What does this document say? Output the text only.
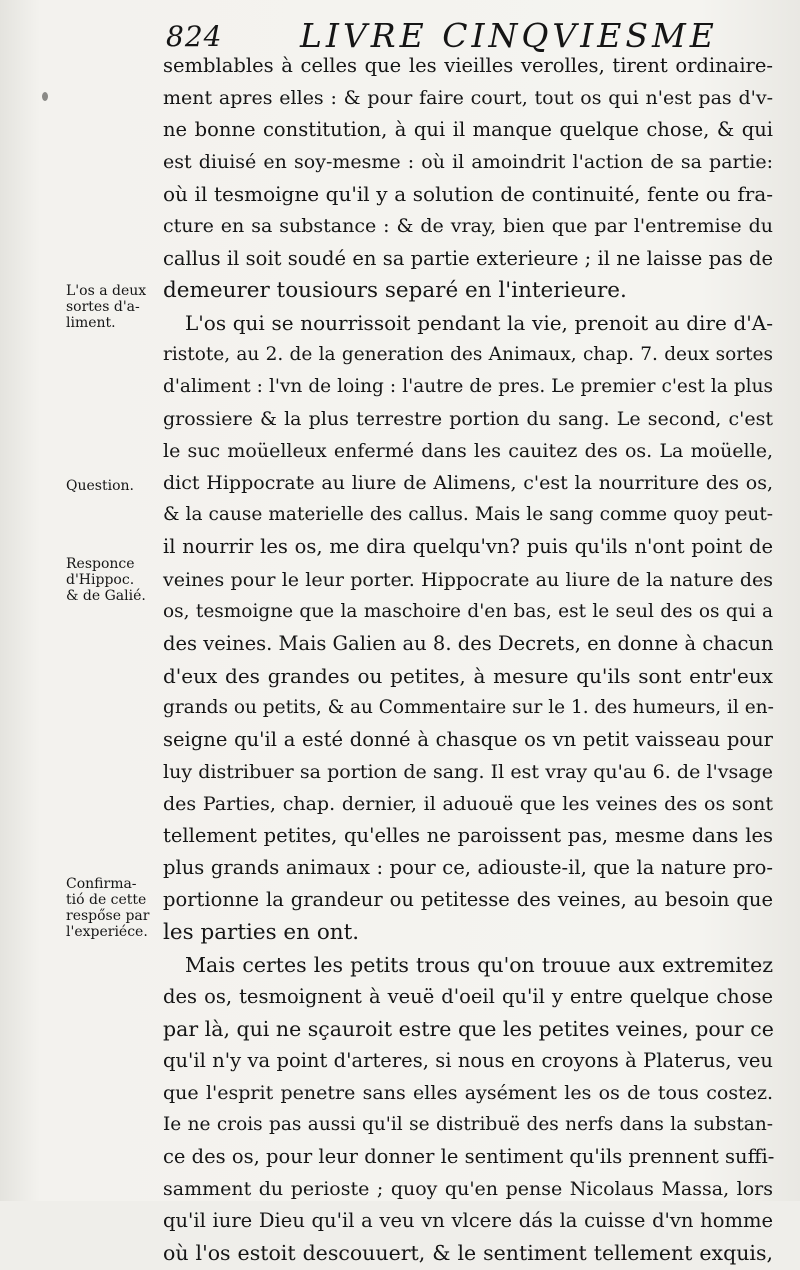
824 LIVRE CINQVIESME
L'os a deux
sortes d'a-
liment.
Question.
Responce
d'Hippoc.
& de Galié.
Confirma-
tió de cette
respőse par
l'experiéce.
semblables à celles que les vieilles verolles, tirent ordinaire-
ment apres elles : & pour faire court, tout os qui n'est pas d'v-
ne bonne constitution, à qui il manque quelque chose, & qui
est diuisé en soy-mesme : où il amoindrit l'action de sa partie:
où il tesmoigne qu'il y a solution de continuité, fente ou fra-
cture en sa substance : & de vray, bien que par l'entremise du
callus il soit soudé en sa partie exterieure ; il ne laisse pas de
demeurer tousiours separé en l'interieure.
L'os qui se nourrissoit pendant la vie, prenoit au dire d'A-
ristote, au 2. de la generation des Animaux, chap. 7. deux sortes
d'aliment : l'vn de loing : l'autre de pres. Le premier c'est la plus
grossiere & la plus terrestre portion du sang. Le second, c'est
le suc moüelleux enfermé dans les cauitez des os. La moüelle,
dict Hippocrate au liure de Alimens, c'est la nourriture des os,
& la cause materielle des callus. Mais le sang comme quoy peut-
il nourrir les os, me dira quelqu'vn? puis qu'ils n'ont point de
veines pour le leur porter. Hippocrate au liure de la nature des
os, tesmoigne que la maschoire d'en bas, est le seul des os qui a
des veines. Mais Galien au 8. des Decrets, en donne à chacun
d'eux des grandes ou petites, à mesure qu'ils sont entr'eux
grands ou petits, & au Commentaire sur le 1. des humeurs, il en-
seigne qu'il a esté donné à chasque os vn petit vaisseau pour
luy distribuer sa portion de sang. Il est vray qu'au 6. de l'vsage
des Parties, chap. dernier, il aduouë que les veines des os sont
tellement petites, qu'elles ne paroissent pas, mesme dans les
plus grands animaux : pour ce, adiouste-il, que la nature pro-
portionne la grandeur ou petitesse des veines, au besoin que
les parties en ont.
Mais certes les petits trous qu'on trouue aux extremitez
des os, tesmoignent à veuë d'oeil qu'il y entre quelque chose
par là, qui ne sçauroit estre que les petites veines, pour ce
qu'il n'y va point d'arteres, si nous en croyons à Platerus, veu
que l'esprit penetre sans elles aysément les os de tous costez.
Ie ne crois pas aussi qu'il se distribuë des nerfs dans la substan-
ce des os, pour leur donner le sentiment qu'ils prennent suffi-
samment du perioste ; quoy qu'en pense Nicolaus Massa, lors
qu'il iure Dieu qu'il a veu vn vlcere dás la cuisse d'vn homme
où l'os estoit descouuert, & le sentiment tellement exquis,
